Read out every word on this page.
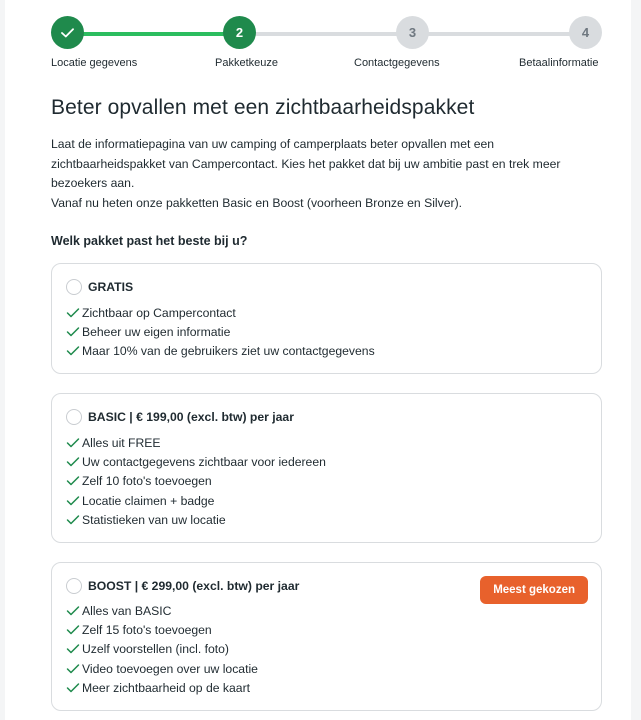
2	3	4
Locatie gegevens	Pakketkeuze	Contactgegevens	Betaalinformatie
Beter opvallen met een zichtbaarheidspakket

Laat de informatiepagina van uw camping of camperplaats beter opvallen met een zichtbaarheidspakket van Campercontact. Kies het pakket dat bij uw ambitie past en trek meer bezoekers aan.

Vanaf nu heten onze pakketten Basic en Boost (voorheen Bronze en Silver).

Welk pakket past het beste bij u?
GRATIS
Zichtbaar op Campercontact
Beheer uw eigen informatie
Maar 10% van de gebruikers ziet uw contactgegevens
BASIC | € 199,00 (excl. btw) per jaar
Alles uit FREE
Uw contactgegevens zichtbaar voor iedereen
Zelf 10 foto's toevoegen
Locatie claimen + badge
Statistieken van uw locatie
BOOST | € 299,00 (excl. btw) per jaar	Meest gekozen
Alles van BASIC
Zelf 15 foto's toevoegen
Uzelf voorstellen (incl. foto)
Video toevoegen over uw locatie
Meer zichtbaarheid op de kaart
